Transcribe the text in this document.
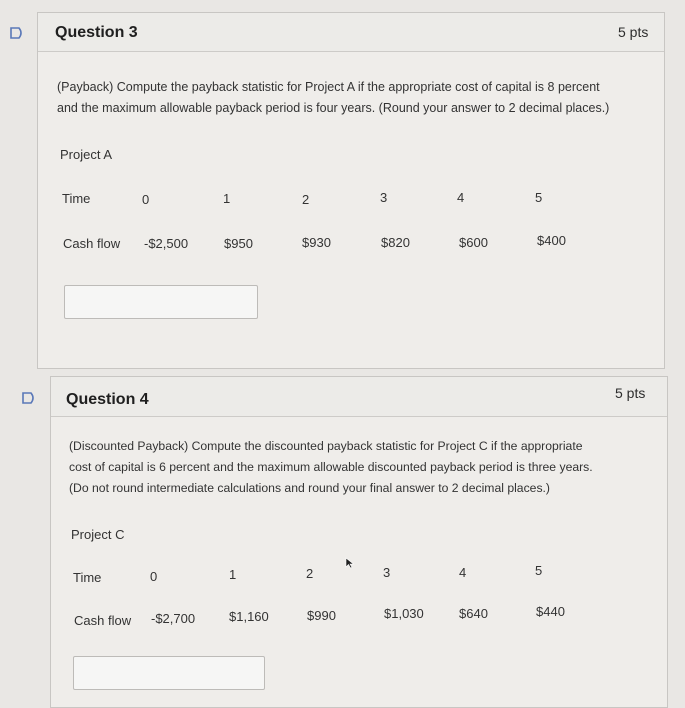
Question 3	5 pts
(Payback) Compute the payback statistic for Project A if the appropriate cost of capital is 8 percent
and the maximum allowable payback period is four years. (Round your answer to 2 decimal places.)
Project A
Time	0	1	2	3	4	5
Cash flow -$2,500	$950	$930	$820	$600	$400
Question 4	5 pts
(Discounted Payback) Compute the discounted payback statistic for Project C if the appropriate
cost of capital is 6 percent and the maximum allowable discounted payback period is three years.
(Do not round intermediate calculations and round your final answer to 2 decimal places.)
Project C
Time	0	1	2	3	4	5
Cash flow -$2,700	$1,160	$990	$1,030	$640	$440
